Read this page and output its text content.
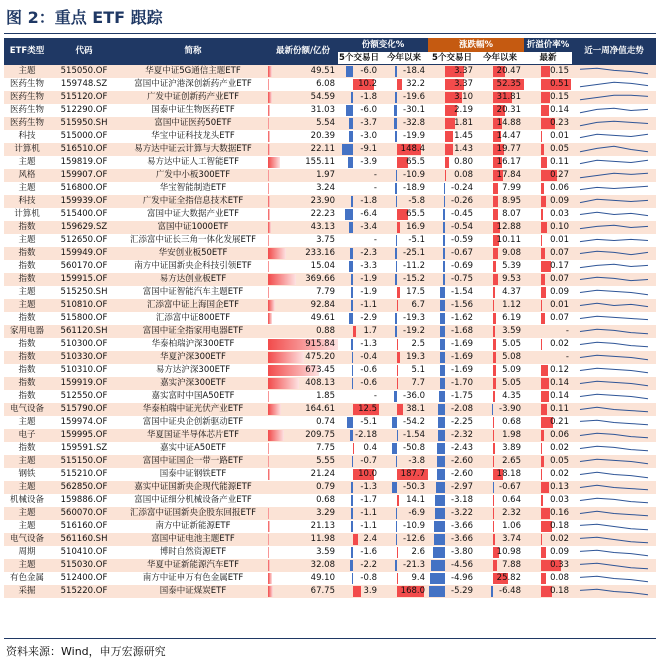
图 2：重点 ETF 跟踪
ETF类型	代码	简称	最新份额/亿份	份额变化%		涨跌幅%		折溢价率%	近一周净值走势
				5个交易日	今年以来	5个交易日	今年以来	最新	
主题	515050.OF	华夏中证5G通信主题ETF	49.51	-6.0	-18.4	3.37	20.47	0.15	

医药生物	159748.SZ	富国中证沪港深创新药产业ETF	6.08	10.2	32.2	3.37	52.35	0.51	

医药生物	515120.OF	广发中证创新药产业ETF	54.59	-1.8	-19.6	3.10	31.81	0.15	

医药生物	512290.OF	国泰中证生物医药ETF	31.03	-6.0	-30.1	2.19	20.31	0.14	

医药生物	515950.SH	富国中证医药50ETF	5.54	-3.7	-32.8	1.81	14.88	0.23	

科技	515000.OF	华宝中证科技龙头ETF	20.39	-3.0	-19.9	1.45	14.47	0.01	

计算机	516510.OF	易方达中证云计算与大数据ETF	22.11	-9.1	148.4	1.43	19.77	0.05	

主题	159819.OF	易方达中证人工智能ETF	155.11	-3.9	65.5	0.80	16.17	0.11	

风格	159907.OF	广发中小板300ETF	1.97	-	-10.9	0.08	17.84	0.27	

主题	516800.OF	华宝智能制造ETF	3.24	-	-18.9	-0.24	7.99	0.06	

科技	159939.OF	广发中证全指信息技术ETF	23.90	-1.8	-5.8	-0.26	8.95	0.09	

计算机	515400.OF	富国中证大数据产业ETF	22.23	-6.4	65.5	-0.45	8.07	0.03	

指数	159629.SZ	富国中证1000ETF	43.13	-3.4	16.9	-0.54	12.88	0.10	

主题	512650.OF	汇添富中证长三角一体化发展ETF	3.75	-	-5.1	-0.59	10.11	0.01	

指数	159949.OF	华安创业板50ETF	233.16	-2.3	-25.1	-0.67	9.08	0.07	

指数	560170.OF	南方中证国新央企科技引领ETF	15.04	-3.3	-11.2	-0.69	5.39	0.17	

指数	159915.OF	易方达创业板ETF	369.66	-1.9	-15.2	-0.75	9.53	0.07	

主题	515250.SH	富国中证智能汽车主题ETF	7.79	-1.9	17.5	-1.54	4.37	0.09	

主题	510810.OF	汇添富中证上海国企ETF	92.84	-1.1	6.7	-1.56	1.12	0.01	

指数	515800.OF	汇添富中证800ETF	49.61	-2.9	-19.3	-1.62	6.19	0.07	

家用电器	561120.SH	富国中证全指家用电器ETF	0.88	1.7	-19.2	-1.68	3.59	-	

指数	510300.OF	华泰柏瑞沪深300ETF	915.84	-1.3	2.5	-1.69	5.05	0.02	

指数	510330.OF	华夏沪深300ETF	475.20	-0.4	19.3	-1.69	5.08	-	

指数	510310.OF	易方达沪深300ETF	673.45	-0.6	5.1	-1.69	5.09	0.12	

指数	159919.OF	嘉实沪深300ETF	408.13	-0.6	7.7	-1.70	5.05	0.14	

指数	512550.OF	嘉实富时中国A50ETF	1.85	-	-36.0	-1.75	4.35	0.14	

电气设备	515790.OF	华泰柏瑞中证光伏产业ETF	164.61	12.5	38.1	-2.08	-3.90	0.11	

主题	159974.OF	富国中证央企创新驱动ETF	0.74	-5.1	-54.2	-2.25	0.68	0.21	

电子	159995.OF	华夏国证半导体芯片ETF	209.75	-2.18	-1.54	-2.32	1.98	0.06	

指数	159591.SZ	嘉实中证A50ETF	7.75	0.4	-50.8	-2.43	3.89	0.02	

主题	515150.OF	富国中证国企一带一路ETF	5.55	-0.7	-3.8	-2.60	2.65	0.05	

钢铁	515210.OF	国泰中证钢铁ETF	21.24	10.0	187.7	-2.60	18.18	0.02	

主题	562850.OF	嘉实中证国新央企现代能源ETF	0.79	-1.3	-50.3	-2.97	-0.67	0.13	

机械设备	159886.OF	富国中证细分机械设备产业ETF	0.68	-1.7	14.1	-3.18	0.64	0.03	

主题	560070.OF	汇添富中证国新央企股东回报ETF	3.29	-1.1	-6.9	-3.22	2.32	0.16	

主题	516160.OF	南方中证新能源ETF	21.13	-1.1	-10.9	-3.66	1.06	0.18	

电气设备	561160.SH	富国中证电池主题ETF	11.98	2.4	-12.6	-3.66	3.74	0.02	

周期	510410.OF	博时自然资源ETF	3.59	-1.6	2.6	-3.80	10.98	0.09	

主题	515030.OF	华夏中证新能源汽车ETF	32.08	-2.2	-21.3	-4.56	7.88	0.33	

有色金属	512400.OF	南方中证申万有色金属ETF	49.10	-0.8	9.4	-4.96	25.82	0.08	

采掘	515220.OF	国泰中证煤炭ETF	67.75	3.9	168.0	-5.29	-6.48	0.18	
资料来源：Wind，申万宏源研究
